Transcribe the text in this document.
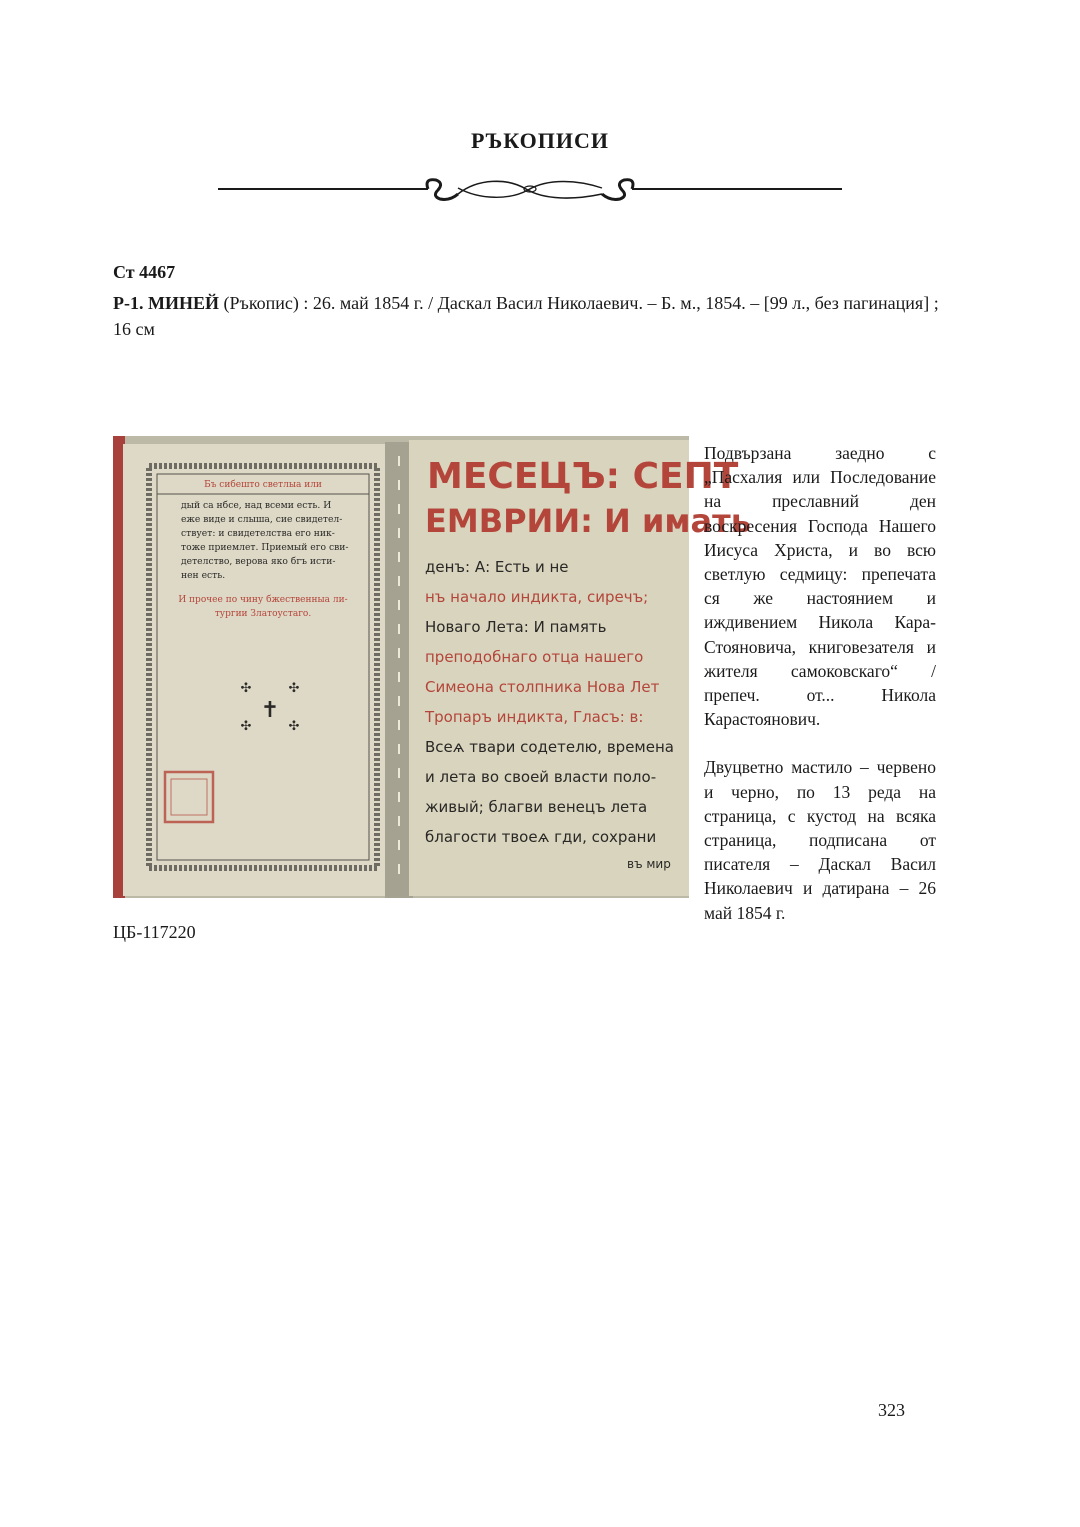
РЪКОПИСИ
Ст 4467
Р-1. МИНЕЙ (Ръкопис) : 26. май 1854 г. / Даскал Васил Николаевич. – Б. м., 1854. – [99 л., без пагинация] ; 16 см
Бъ сибешто светлыа или
дый са нбсе, над всеми есть. И
еже виде и слыша, сие свидетел-
ствует: и свидетелства его ник-
тоже приемлет. Приемый его сви-
детелство, верова яко бгъ исти-
нен есть.
И прочее по чину бжественныа ли-
тургии Златоустаго.
✝
✣	✣
✣	✣
МЕСЕЦЪ: СЕПТ
ЕМВРИИ: И имать
денъ: А: Есть и не
нъ начало индикта, сиречъ;
Новаго Лета: И память
преподобнаго отца нашего
Симеона столпника Нова Лет
Тропаръ индикта, Гласъ: в:
Всеѧ твари содетелю, времена
и лета во своей власти поло-
живый; благви венецъ лета
благости твоеѧ гди, сохрани
въ мир

Подвързана заедно с „Пасхалия или Последование на преславний ден воскресения Господа Нашего Иисуса Христа, и во всю светлую седмицу: препечата ся же настоянием и иждивением Никола Кара-Стояновича, книговезателя и жителя самоковскаго“ / препеч. от... Никола Карастоянович.

Двуцветно мастило – червено и черно, по 13 реда на страница, с кустод на всяка страница, подписана от писателя – Даскал Васил Николаевич и датирана – 26 май 1854 г.

ЦБ-117220
323
